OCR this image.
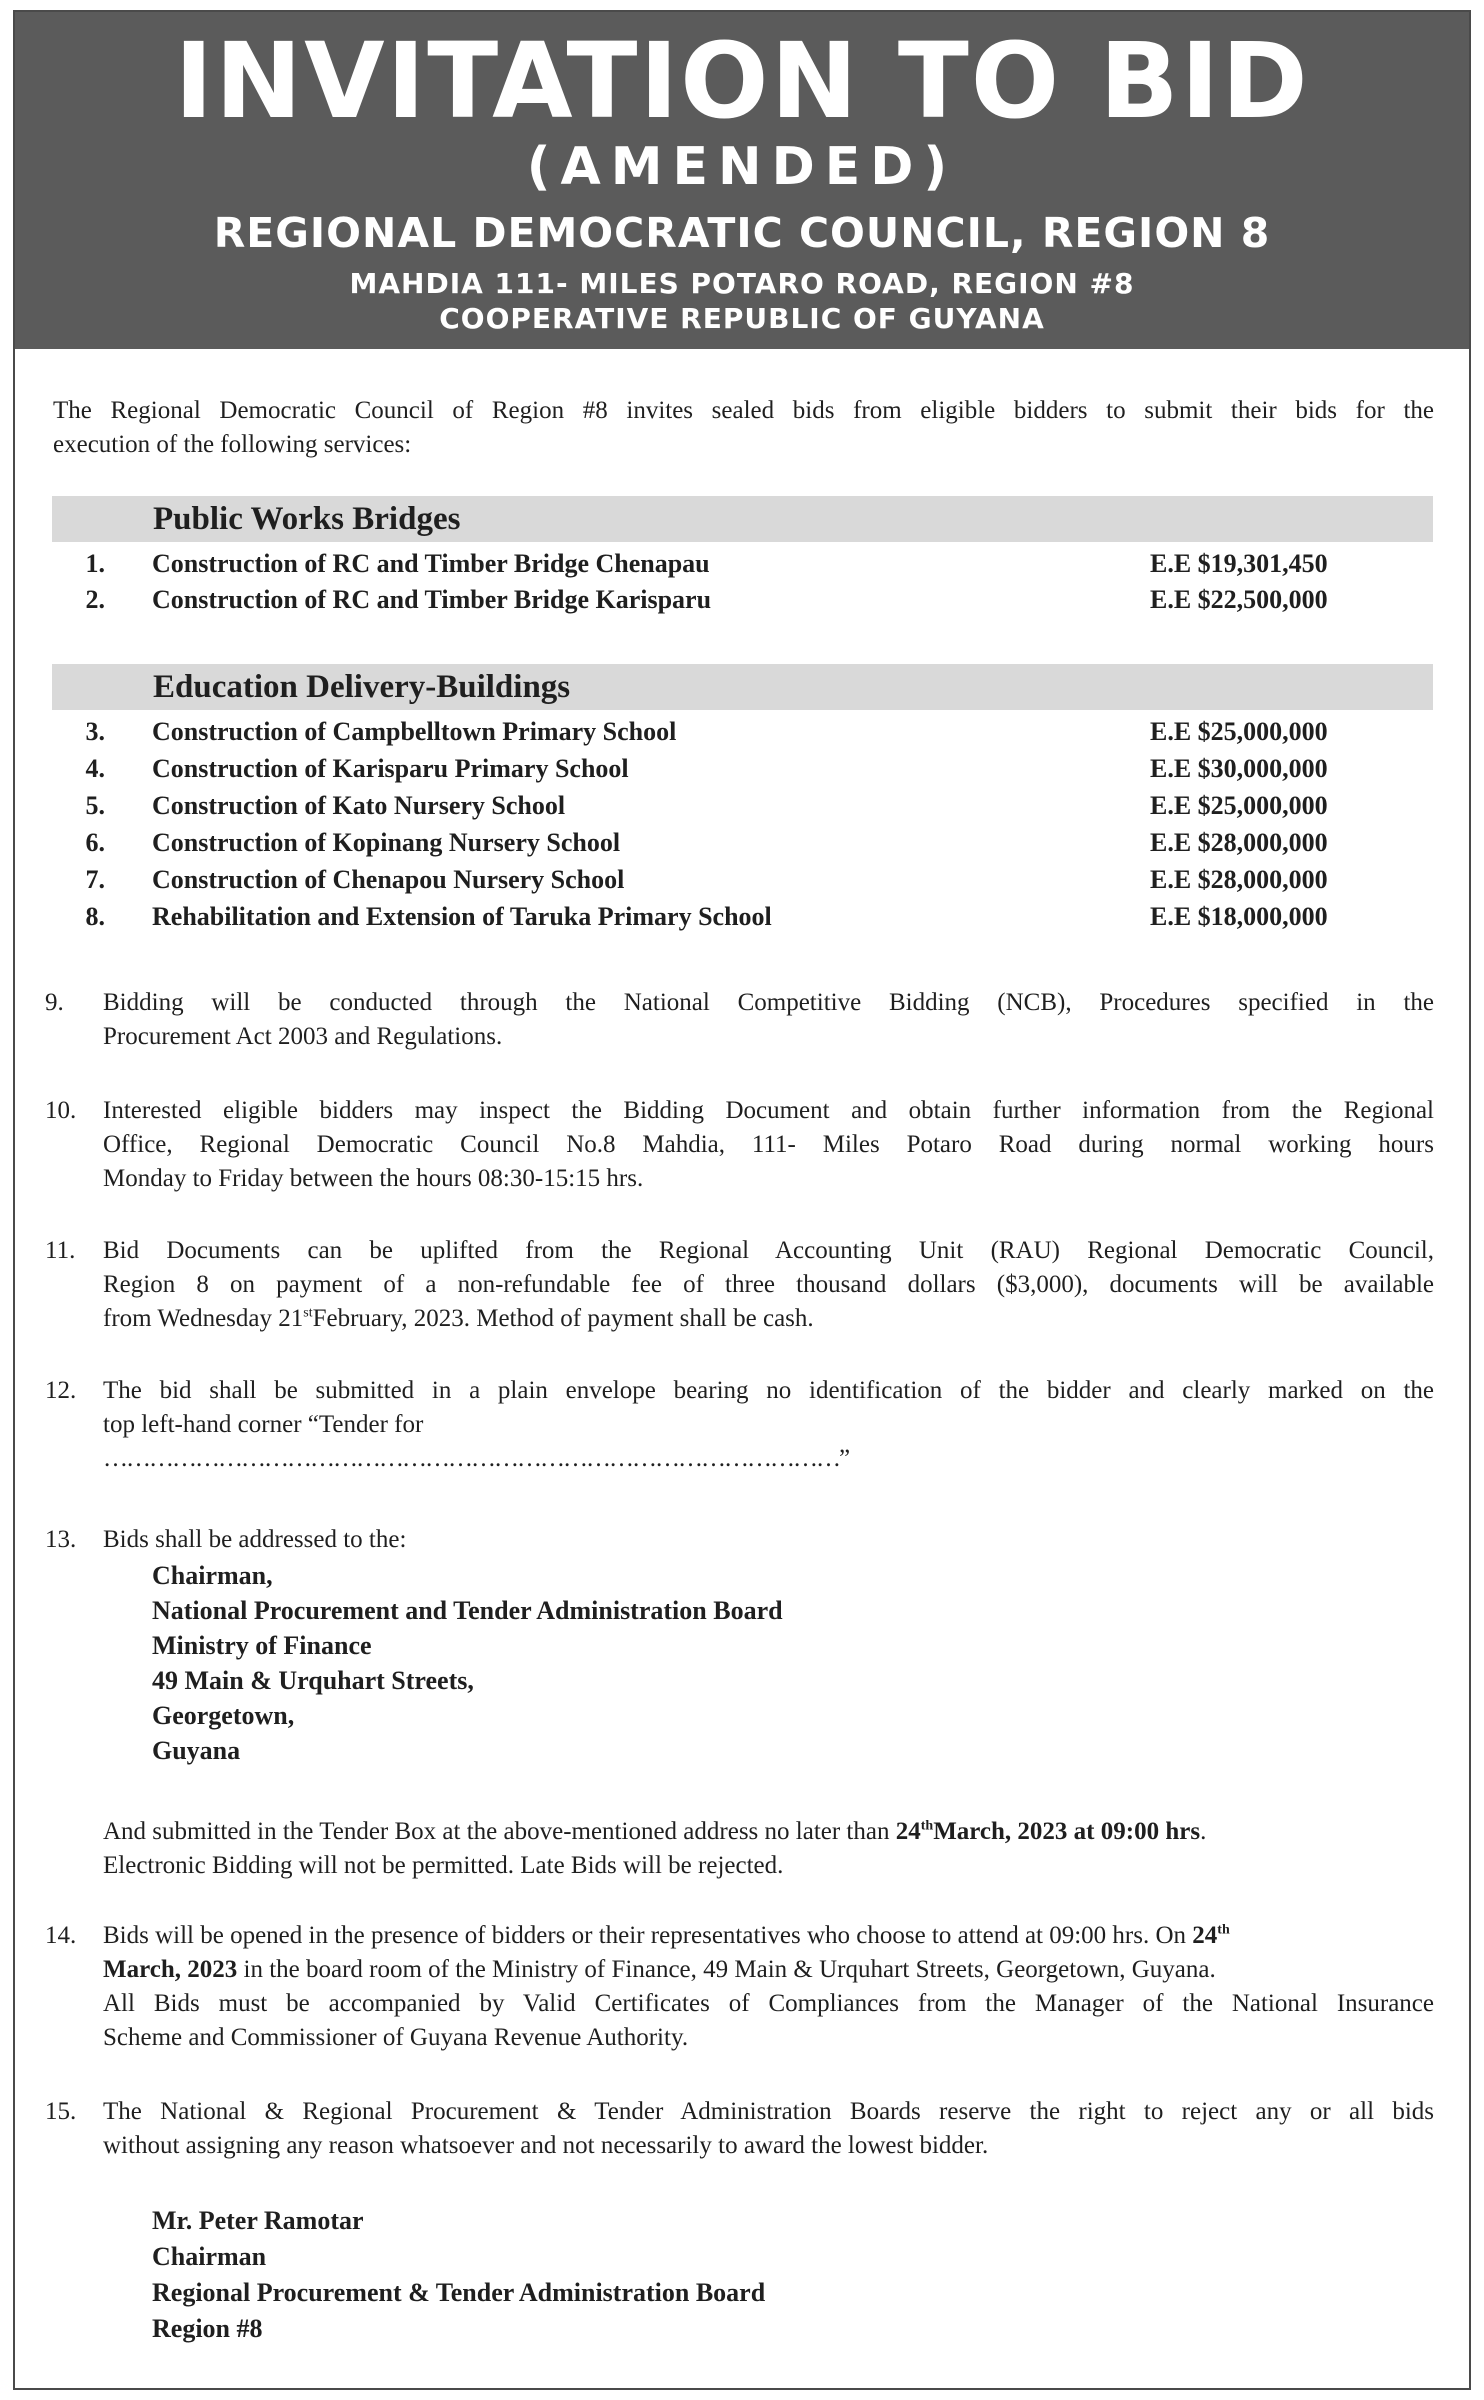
INVITATION TO BID
(AMENDED)
REGIONAL DEMOCRATIC COUNCIL, REGION 8
MAHDIA 111- MILES POTARO ROAD, REGION #8
COOPERATIVE REPUBLIC OF GUYANA
The Regional Democratic Council of Region #8 invites sealed bids from eligible bidders to submit their bids for the
execution of the following services:
Public Works Bridges
1. Construction of RC and Timber Bridge Chenapau	E.E $19,301,450
2. Construction of RC and Timber Bridge Karisparu	E.E $22,500,000
Education Delivery-Buildings
3. Construction of Campbelltown Primary School	E.E $25,000,000
4. Construction of Karisparu Primary School	E.E $30,000,000
5. Construction of Kato Nursery School	E.E $25,000,000
6. Construction of Kopinang Nursery School	E.E $28,000,000
7. Construction of Chenapou Nursery School	E.E $28,000,000
8. Rehabilitation and Extension of Taruka Primary School	E.E $18,000,000
9. Bidding will be conducted through the National Competitive Bidding (NCB), Procedures specified in the
Procurement Act 2003 and Regulations.
10. Interested eligible bidders may inspect the Bidding Document and obtain further information from the Regional
Office, Regional Democratic Council No.8 Mahdia, 111- Miles Potaro Road during normal working hours
Monday to Friday between the hours 08:30-15:15 hrs.
11. Bid Documents can be uplifted from the Regional Accounting Unit (RAU) Regional Democratic Council,
Region 8 on payment of a non-refundable fee of three thousand dollars ($3,000), documents will be available
from Wednesday 21stFebruary, 2023. Method of payment shall be cash.
12. The bid shall be submitted in a plain envelope bearing no identification of the bidder and clearly marked on the
top left-hand corner “Tender for
……………………………………………………………………………………”
13. Bids shall be addressed to the:
Chairman,
National Procurement and Tender Administration Board
Ministry of Finance
49 Main & Urquhart Streets,
Georgetown,
Guyana
And submitted in the Tender Box at the above-mentioned address no later than 24thMarch, 2023 at 09:00 hrs.
Electronic Bidding will not be permitted. Late Bids will be rejected.
14. Bids will be opened in the presence of bidders or their representatives who choose to attend at 09:00 hrs. On 24th
March, 2023 in the board room of the Ministry of Finance, 49 Main & Urquhart Streets, Georgetown, Guyana.
All Bids must be accompanied by Valid Certificates of Compliances from the Manager of the National Insurance
Scheme and Commissioner of Guyana Revenue Authority.
15. The National & Regional Procurement & Tender Administration Boards reserve the right to reject any or all bids
without assigning any reason whatsoever and not necessarily to award the lowest bidder.
Mr. Peter Ramotar
Chairman
Regional Procurement & Tender Administration Board
Region #8
